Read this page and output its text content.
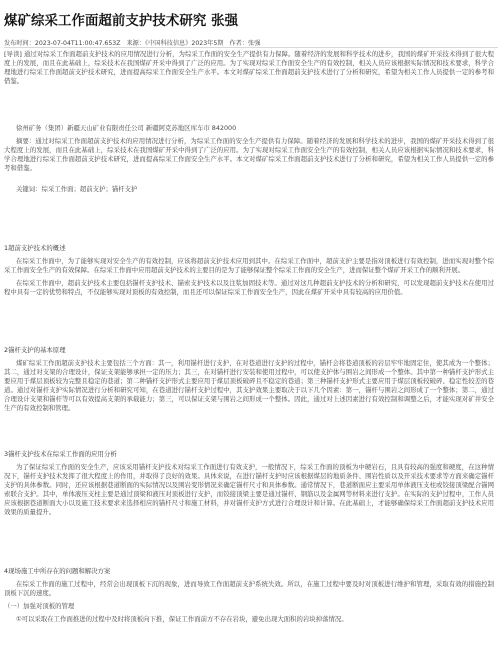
煤矿综采工作面超前支护技术研究 张强
发布时间：2023-07-04T11:00:47.653Z 来源：《中国科技信息》2023年5期 作者：张强

[导读] 通过对综采工作面超前支护技术的应用情况进行分析，为综采工作面的安全生产提供有力保障。随着经济的发展和科学技术的进步，我国的煤矿开采技术得到了很大程度上的发展，而且在此基础上，综采技术在我国煤矿开采中得到了广泛的应用。为了实现对综采工作面安全生产的有效控制，相关人员应该根据实际情况和技术要求，科学合理地进行综采工作面超前支护技术研究，进而提高综采工作面安全生产水平。本文对煤矿综采工作面超前支护技术进行了分析和研究，希望为相关工作人员提供一定的参考和借鉴。

徐州矿务（集团）新疆天山矿业有限责任公司 新疆阿克苏地区库车市 842000

摘要：通过对综采工作面超前支护技术的应用情况进行分析，为综采工作面的安全生产提供有力保障。随着经济的发展和科学技术的进步，我国的煤矿开采技术得到了很大程度上的发展，而且在此基础上，综采技术在我国煤矿开采中得到了广泛的应用。为了实现对综采工作面安全生产的有效控制，相关人员应该根据实际情况和技术要求，科学合理地进行综采工作面超前支护技术研究，进而提高综采工作面安全生产水平。本文对煤矿综采工作面超前支护技术进行了分析和研究，希望为相关工作人员提供一定的参考和借鉴。

关键词：综采工作面；超前支护；锚杆支护

1超前支护技术的概述

在综采工作面中，为了能够实现对安全生产的有效控制，应该将超前支护技术应用到其中。在综采工作面中，超前支护主要是指对顶板进行有效控制，进而实现对整个综采工作面安全生产的有效保障。在综采工作面中应用超前支护技术的主要目的是为了能够保证整个综采工作面的安全生产，进而保证整个煤矿开采工作的顺利开展。

在综采工作面中，超前支护技术主要包括锚杆支护技术、锚索支护技术以及注浆加固技术等。通过对这几种超前支护技术的分析和研究，可以发现超前支护技术在使用过程中具有一定的优势和特点，不仅能够实现对顶板的有效控制，而且还可以保证综采工作面安全生产，因此在煤矿开采中具有较高的应用价值。

2锚杆支护的基本原理

煤矿综采工作面超前支护技术主要包括三个方面：其一，利用锚杆进行支护，在对巷道进行支护的过程中，锚杆会将巷道顶板的岩层牢牢地固定住，使其成为一个整体；其二，通过对支架的合理设计，保证支架能够承担一定的压力；其三，在对锚杆进行安装和使用过程中，可以使支护体与围岩之间形成一个整体。其中第一种锚杆支护形式主要应用于煤层顶板较为完整且稳定的巷道；第二种锚杆支护形式主要应用于煤层顶板破碎且不稳定的巷道；第三种锚杆支护形式主要应用于煤层顶板较破碎、稳定性较差的巷道。通过对锚杆支护实际情况进行分析和研究可知，在巷道进行锚杆支护过程中，其支护效果主要取决于以下几个因素：第一，锚杆与围岩之间形成了一个整体；第二，通过合理设计支架和锚杆等可以有效提高支架的承载能力；第三，可以保证支架与围岩之间形成一个整体。因此，通过对上述因素进行有效控制和调整之后，才能实现对矿井安全生产的有效控制和管理。

3锚杆支护技术在综采工作面的应用分析

为了保证综采工作面的安全生产，应该采用锚杆支护技术对综采工作面进行有效支护，一般情况下，综采工作面的顶板为中硬岩石，且具有较高的强度和硬度，在这种情况下，锚杆支护技术发挥了很大程度上的作用，并取得了良好的效果。具体来说，在进行锚杆支护时应该根据煤层的地质条件、围岩性质以及开采技术要求等方面来确定锚杆支护的具体参数。同时，还应该根据巷道断面的实际情况以及围岩变形情况来确定锚杆尺寸和具体参数。通常情况下，巷道断面应主要采用单体液压支柱或铰接顶梁配合锚网索联合支护。其中，单体液压支柱主要是通过顶梁和液压对顶板进行支护，而铰接顶梁主要是通过锚杆、钢筋以及金属网等材料来进行支护。在实际的支护过程中，工作人员应该根据巷道断面大小以及施工技术要求来选择相应的锚杆尺寸和施工材料，并对锚杆支护方式进行合理设计和计算。在此基础上，才能够确保综采工作面超前支护技术应用效果的质量提升。

4现场施工中所存在的问题和解决方案

在综采工作面的施工过程中，经常会出现顶板下沉的现象，进而导致工作面超前支护系统失效。所以，在施工过程中要及时对顶板进行维护和管理，采取有效的措施控制顶板下沉的速度。

（一）加强对顶板的管理

①可以采取在工作面推进的过程中及时将顶板向下推，保证工作面前方不存在岩块，避免出现大面积的岩块掉落情况。
